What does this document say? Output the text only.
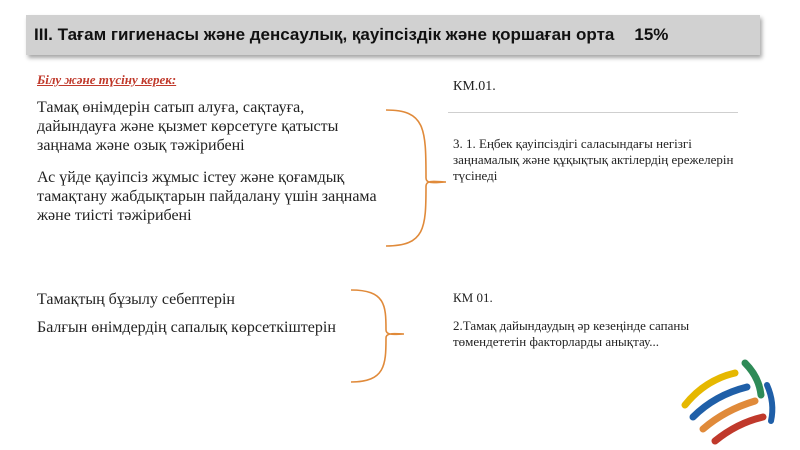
III. Тағам гигиенасы және денсаулық, қауіпсіздік және қоршаған орта 15%
Білу және түсіну керек:
Тамақ өнімдерін сатып алуға, сақтауға, дайындауға және қызмет көрсетуге қатысты заңнама және озық тәжірибені
Ас үйде қауіпсіз жұмыс істеу және қоғамдық тамақтану жабдықтарын пайдалану үшін заңнама және тиісті тәжірибені
Тамақтың бұзылу себептерін
Балғын өнімдердің сапалық көрсеткіштерін
КМ.01.
3. 1. Еңбек қауіпсіздігі саласындағы негізгі заңнамалық және құқықтық актілердің ережелерін түсінеді
КМ 01.
2.Тамақ дайындаудың әр кезеңінде сапаны төмендететін факторларды анықтау...
